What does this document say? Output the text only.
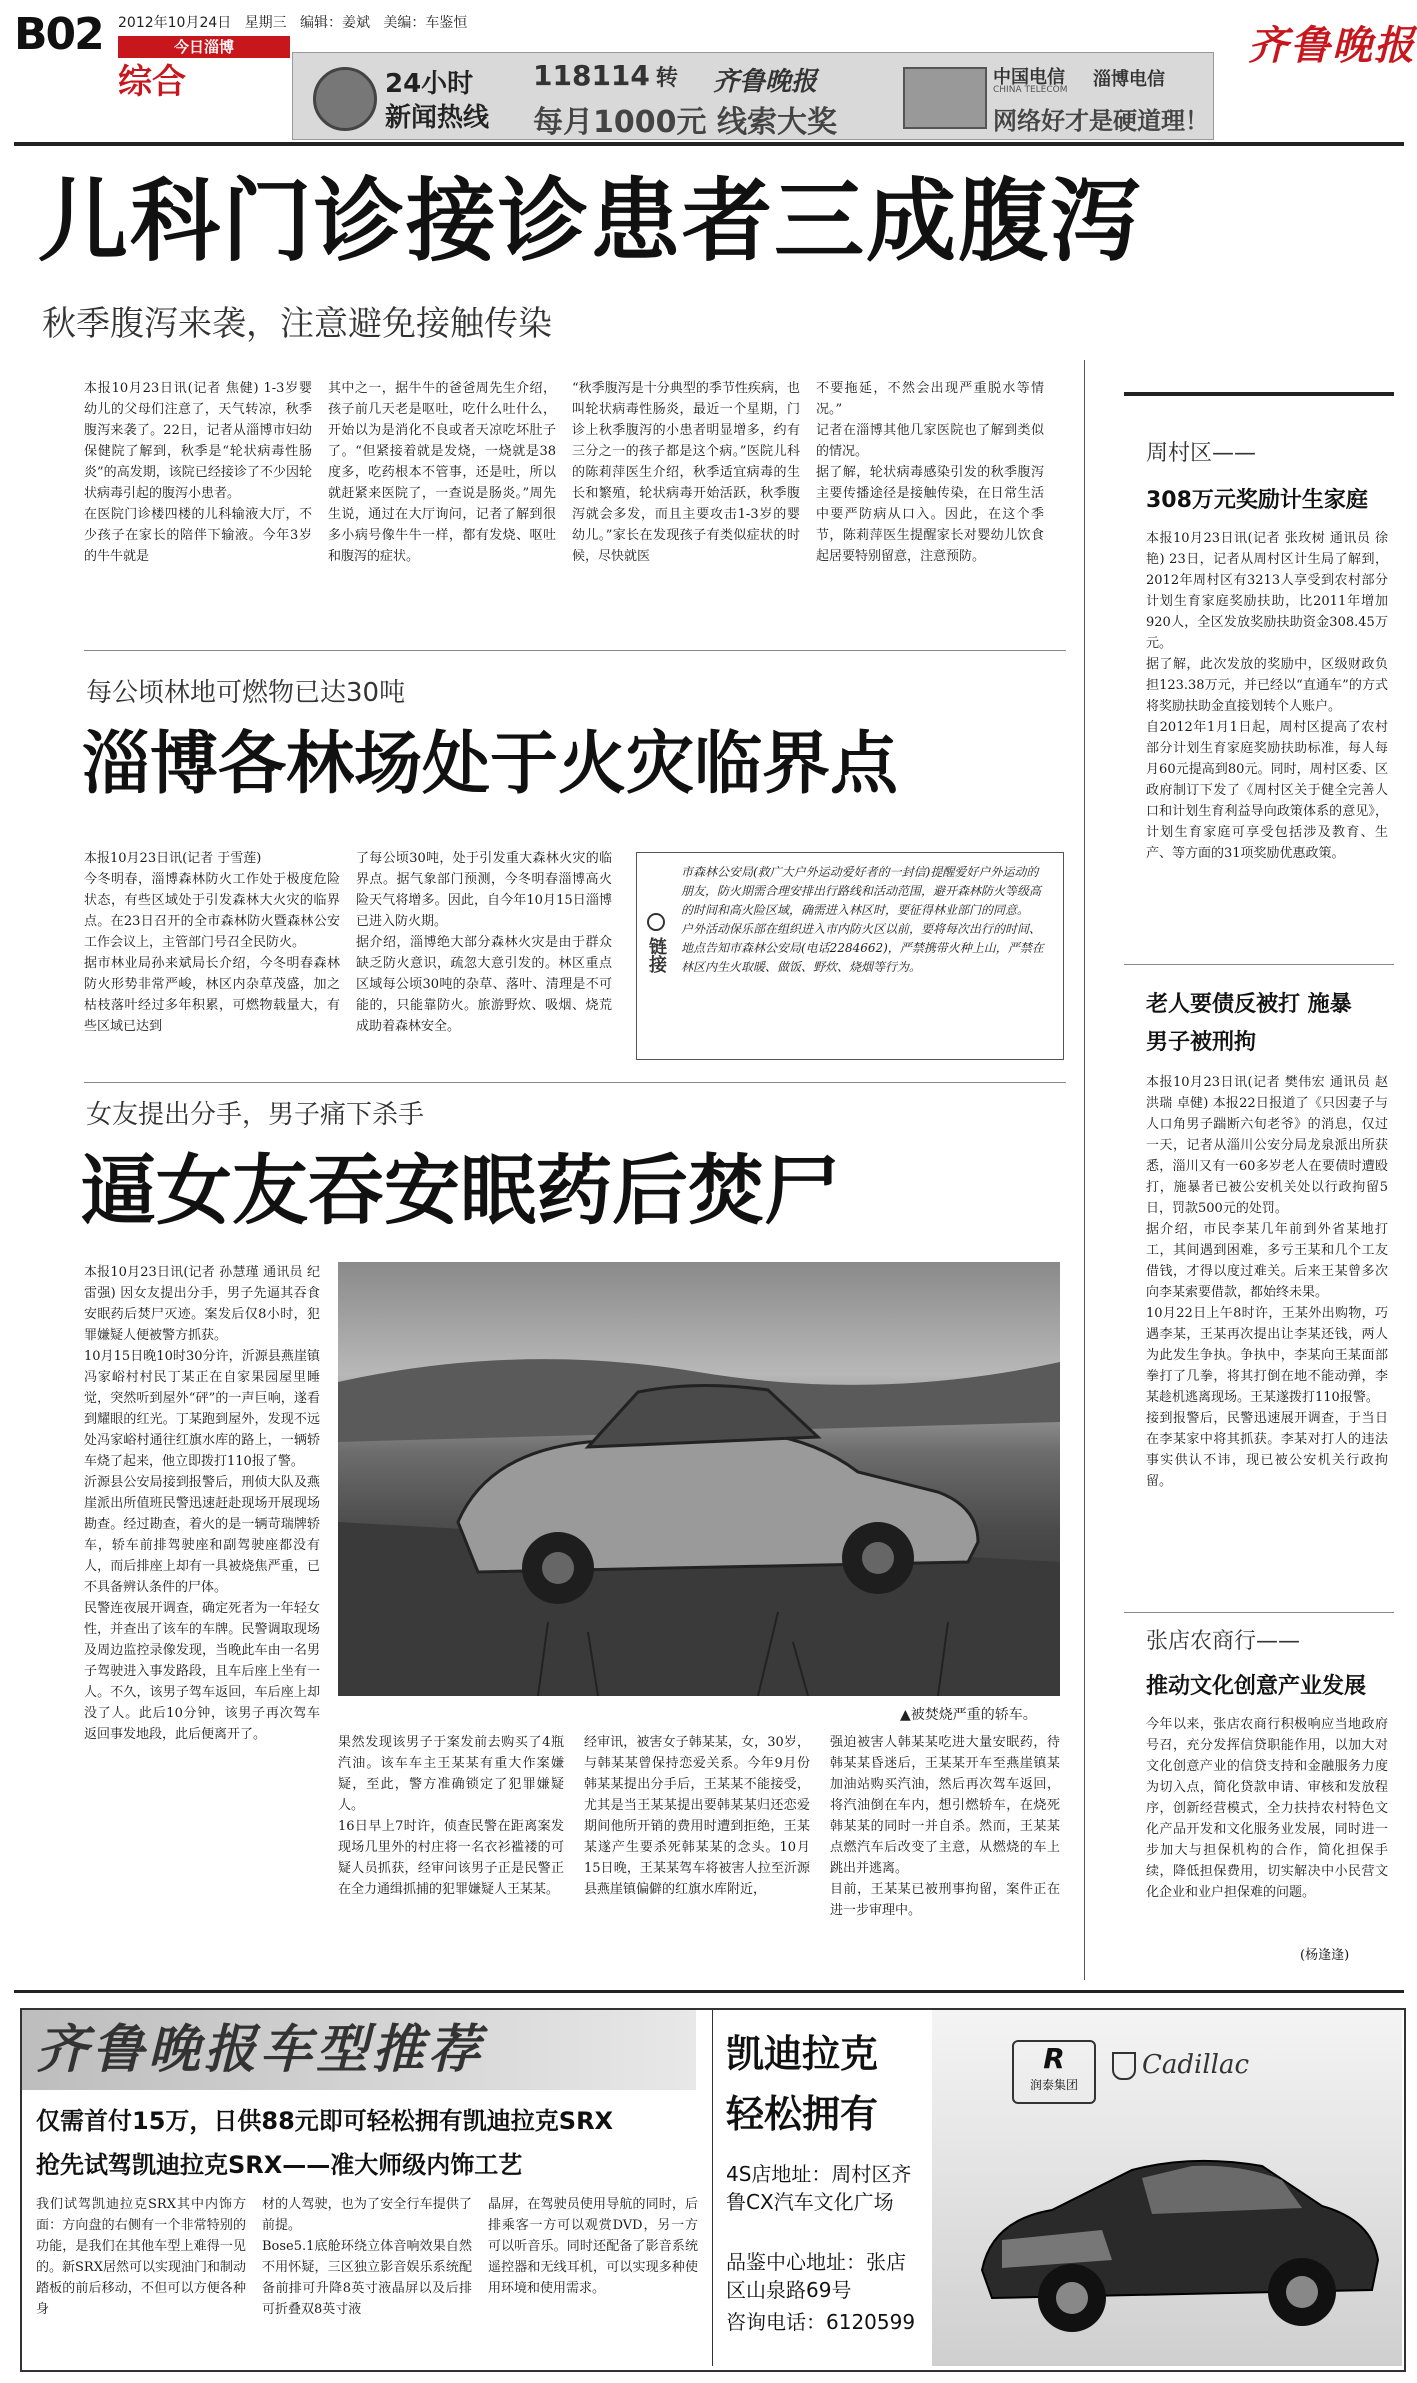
B02 2012年10月24日 星期三 编辑：姜斌 美编：车鉴恒
今日淄博
综合	24小时
新闻热线
118114 转 齐鲁晚报
每月1000元 线索大奖
中国电信
CHINA TELECOM 淄博电信
网络好才是硬道理！
齐鲁晚报
儿科门诊接诊患者三成腹泻
秋季腹泻来袭，注意避免接触传染
本报10月23日讯(记者 焦健) 1-3岁婴幼儿的父母们注意了，天气转凉，秋季腹泻来袭了。22日，记者从淄博市妇幼保健院了解到，秋季是“轮状病毒性肠炎”的高发期，该院已经接诊了不少因轮状病毒引起的腹泻小患者。
在医院门诊楼四楼的儿科输液大厅，不少孩子在家长的陪伴下输液。今年3岁的牛牛就是
其中之一，据牛牛的爸爸周先生介绍，孩子前几天老是呕吐，吃什么吐什么，开始以为是消化不良或者天凉吃坏肚子了。“但紧接着就是发烧，一烧就是38度多，吃药根本不管事，还是吐，所以就赶紧来医院了，一查说是肠炎。”周先生说，通过在大厅询问，记者了解到很多小病号像牛牛一样，都有发烧、呕吐和腹泻的症状。
“秋季腹泻是十分典型的季节性疾病，也叫轮状病毒性肠炎，最近一个星期，门诊上秋季腹泻的小患者明显增多，约有三分之一的孩子都是这个病。”医院儿科的陈莉萍医生介绍，秋季适宜病毒的生长和繁殖，轮状病毒开始活跃，秋季腹泻就会多发，而且主要攻击1-3岁的婴幼儿。”家长在发现孩子有类似症状的时候，尽快就医
不要拖延，不然会出现严重脱水等情况。”
记者在淄博其他几家医院也了解到类似的情况。
据了解，轮状病毒感染引发的秋季腹泻主要传播途径是接触传染，在日常生活中要严防病从口入。因此，在这个季节，陈莉萍医生提醒家长对婴幼儿饮食起居要特别留意，注意预防。
每公顷林地可燃物已达30吨
淄博各林场处于火灾临界点
本报10月23日讯(记者 于雪莲)
今冬明春，淄博森林防火工作处于极度危险状态，有些区域处于引发森林大火灾的临界点。在23日召开的全市森林防火暨森林公安工作会议上，主管部门号召全民防火。
据市林业局孙来斌局长介绍，今冬明春森林防火形势非常严峻，林区内杂草茂盛，加之枯枝落叶经过多年积累，可燃物载量大，有些区域已达到
了每公顷30吨，处于引发重大森林火灾的临界点。据气象部门预测，今冬明春淄博高火险天气将增多。因此，自今年10月15日淄博已进入防火期。
据介绍，淄博绝大部分森林火灾是由于群众缺乏防火意识，疏忽大意引发的。林区重点区域每公顷30吨的杂草、落叶、清理是不可能的，只能靠防火。旅游野炊、吸烟、烧荒成助着森林安全。
链接
市森林公安局(救广大户外运动爱好者的一封信)提醒爱好户外运动的朋友，防火期需合理安排出行路线和活动范围，避开森林防火等级高的时间和高火险区域，确需进入林区时，要征得林业部门的同意。
户外活动保乐部在组织进入市内防火区以前，要将每次出行的时间、地点告知市森林公安局(电话2284662)，严禁携带火种上山，严禁在林区内生火取暖、做饭、野炊、烧烟等行为。
女友提出分手，男子痛下杀手
逼女友吞安眠药后焚尸
本报10月23日讯(记者 孙慧瑾 通讯员 纪雷强) 因女友提出分手，男子先逼其吞食安眠药后焚尸灭迹。案发后仅8小时，犯罪嫌疑人便被警方抓获。
10月15日晚10时30分许，沂源县燕崖镇冯家峪村村民丁某正在自家果园屋里睡觉，突然听到屋外“砰”的一声巨响，遂看到耀眼的红光。丁某跑到屋外，发现不远处冯家峪村通往红旗水库的路上，一辆轿车烧了起来，他立即拨打110报了警。
沂源县公安局接到报警后，刑侦大队及燕崖派出所值班民警迅速赶赴现场开展现场勘查。经过勘查，着火的是一辆苛瑞牌轿车，轿车前排驾驶座和副驾驶座都没有人，而后排座上却有一具被烧焦严重，已不具备辨认条件的尸体。
民警连夜展开调查，确定死者为一年轻女性，并查出了该车的车牌。民警调取现场及周边监控录像发现，当晚此车由一名男子驾驶进入事发路段，且车后座上坐有一人。不久，该男子驾车返回，车后座上却没了人。此后10分钟，该男子再次驾车返回事发地段，此后便离开了。
▲被焚烧严重的轿车。
果然发现该男子于案发前去购买了4瓶汽油。该车车主王某某有重大作案嫌疑，至此，警方准确锁定了犯罪嫌疑人。
16日早上7时许，侦查民警在距离案发现场几里外的村庄将一名衣衫褴褛的可疑人员抓获，经审问该男子正是民警正在全力通缉抓捕的犯罪嫌疑人王某某。
经审讯，被害女子韩某某，女，30岁，与韩某某曾保持恋爱关系。今年9月份韩某某提出分手后，王某某不能接受，尤其是当王某某提出要韩某某归还恋爱期间他所开销的费用时遭到拒绝，王某某遂产生要杀死韩某某的念头。10月15日晚，王某某驾车将被害人拉至沂源县燕崖镇偏僻的红旗水库附近，
强迫被害人韩某某吃进大量安眠药，待韩某某昏迷后，王某某开车至燕崖镇某加油站购买汽油，然后再次驾车返回，将汽油倒在车内，想引燃轿车，在烧死韩某某的同时一并自杀。然而，王某某点燃汽车后改变了主意，从燃烧的车上跳出并逃离。
目前，王某某已被刑事拘留，案件正在进一步审理中。
周村区——
308万元奖励计生家庭
本报10月23日讯(记者 张玫树 通讯员 徐艳) 23日，记者从周村区计生局了解到，2012年周村区有3213人享受到农村部分计划生育家庭奖励扶助，比2011年增加920人，全区发放奖励扶助资金308.45万元。
据了解，此次发放的奖励中，区级财政负担123.38万元，并已经以“直通车”的方式将奖励扶助金直接划转个人账户。
自2012年1月1日起，周村区提高了农村部分计划生育家庭奖励扶助标准，每人每月60元提高到80元。同时，周村区委、区政府制订下发了《周村区关于健全完善人口和计划生育利益导向政策体系的意见》，计划生育家庭可享受包括涉及教育、生产、等方面的31项奖励优惠政策。
老人要债反被打 施暴男子被刑拘
本报10月23日讯(记者 樊伟宏 通讯员 赵洪瑞 卓健) 本报22日报道了《只因妻子与人口角男子踹断六旬老爷》的消息，仅过一天，记者从淄川公安分局龙泉派出所获悉，淄川又有一60多岁老人在要债时遭殴打，施暴者已被公安机关处以行政拘留5日，罚款500元的处罚。
据介绍，市民李某几年前到外省某地打工，其间遇到困难，多亏王某和几个工友借钱，才得以度过难关。后来王某曾多次向李某索要借款，都始终未果。
10月22日上午8时许，王某外出购物，巧遇李某，王某再次提出让李某还钱，两人为此发生争执。争执中，李某向王某面部拳打了几拳，将其打倒在地不能动弹，李某趁机逃离现场。王某遂拨打110报警。
接到报警后，民警迅速展开调查，于当日在李某家中将其抓获。李某对打人的违法事实供认不讳，现已被公安机关行政拘留。
张店农商行——
推动文化创意产业发展
今年以来，张店农商行积极响应当地政府号召，充分发挥信贷职能作用，以加大对文化创意产业的信贷支持和金融服务力度为切入点，简化贷款申请、审核和发放程序，创新经营模式，全力扶持农村特色文化产品开发和文化服务业发展，同时进一步加大与担保机构的合作，简化担保手续，降低担保费用，切实解决中小民营文化企业和业户担保难的问题。
(杨逢逢)
齐鲁晚报车型推荐
仅需首付15万，日供88元即可轻松拥有凯迪拉克SRX
抢先试驾凯迪拉克SRX——准大师级内饰工艺
我们试驾凯迪拉克SRX其中内饰方面：方向盘的右侧有一个非常特别的功能，是我们在其他车型上难得一见的。新SRX居然可以实现油门和制动踏板的前后移动，不但可以方便各种身
材的人驾驶，也为了安全行车提供了前提。
Bose5.1底舱环绕立体音响效果自然不用怀疑，三区独立影音娱乐系统配备前排可升降8英寸液晶屏以及后排可折叠双8英寸液
晶屏，在驾驶员使用导航的同时，后排乘客一方可以观赏DVD，另一方可以听音乐。同时还配备了影音系统遥控器和无线耳机，可以实现多种使用环境和使用需求。
凯迪拉克
轻松拥有
4S店地址：周村区齐鲁CX汽车文化广场
品鉴中心地址：张店区山泉路69号
咨询电话：6120599
R
润泰集团
Cadillac
